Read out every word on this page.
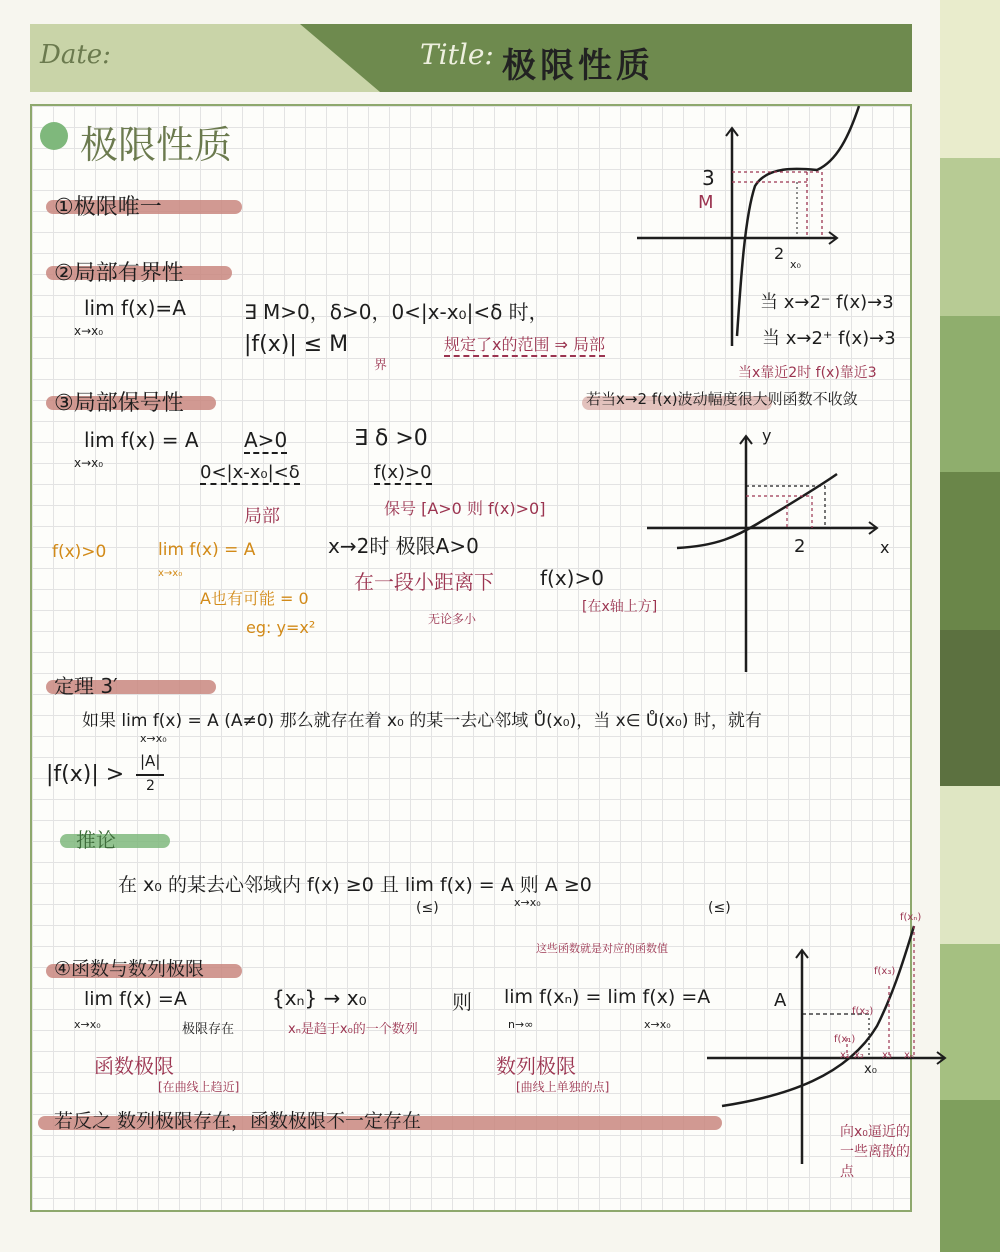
Date:	Title: 极限性质
极限性质
①极限唯一
②局部有界性
lim f(x)=A
x→x₀
∃ M>0，δ>0，0<|x-x₀|<δ 时，
|f(x)| ≤ M
界
规定了x的范围 ⇒ 局部
3
M
2
x₀
当 x→2⁻ f(x)→3
当 x→2⁺ f(x)→3
当x靠近2时 f(x)靠近3
若当x→2 f(x)波动幅度很大则函数不收敛
③局部保号性
lim f(x) = A
x→x₀
A>0	∃ δ >0
0<|x-x₀|<δ
局部
f(x)>0
保号 [A>0 则 f(x)>0]
f(x)>0	lim f(x) = A
x→x₀
A也有可能 = 0
eg: y=x²
x→2时 极限A>0
在一段小距离下 f(x)>0
[在x轴上方]
无论多小
y
x
2
定理 3′
如果 lim f(x) = A (A≠0) 那么就存在着 x₀ 的某一去心邻域 Ů(x₀)，当 x∈ Ů(x₀) 时，就有
x→x₀
|f(x)| >
|A|
2
推论
在 x₀ 的某去心邻域内 f(x) ≥0 且 lim f(x) = A 则 A ≥0
x→x₀
(≤)	(≤)
④函数与数列极限
这些函数就是对应的函数值
lim f(x) =A
x→x₀	极限存在
{xₙ} → x₀
xₙ是趋于x₀的一个数列
则 lim f(xₙ) = lim f(x) =A
n→∞	x→x₀
函数极限
[在曲线上趋近]
数列极限
[曲线上单独的点]
若反之 数列极限存在，函数极限不一定存在
A
x₀
x₁ x₂ x₃ xₙ
f(x₁)
f(x₂)
f(x₃)
f(xₙ)
向x₀逼近的一些离散的点
